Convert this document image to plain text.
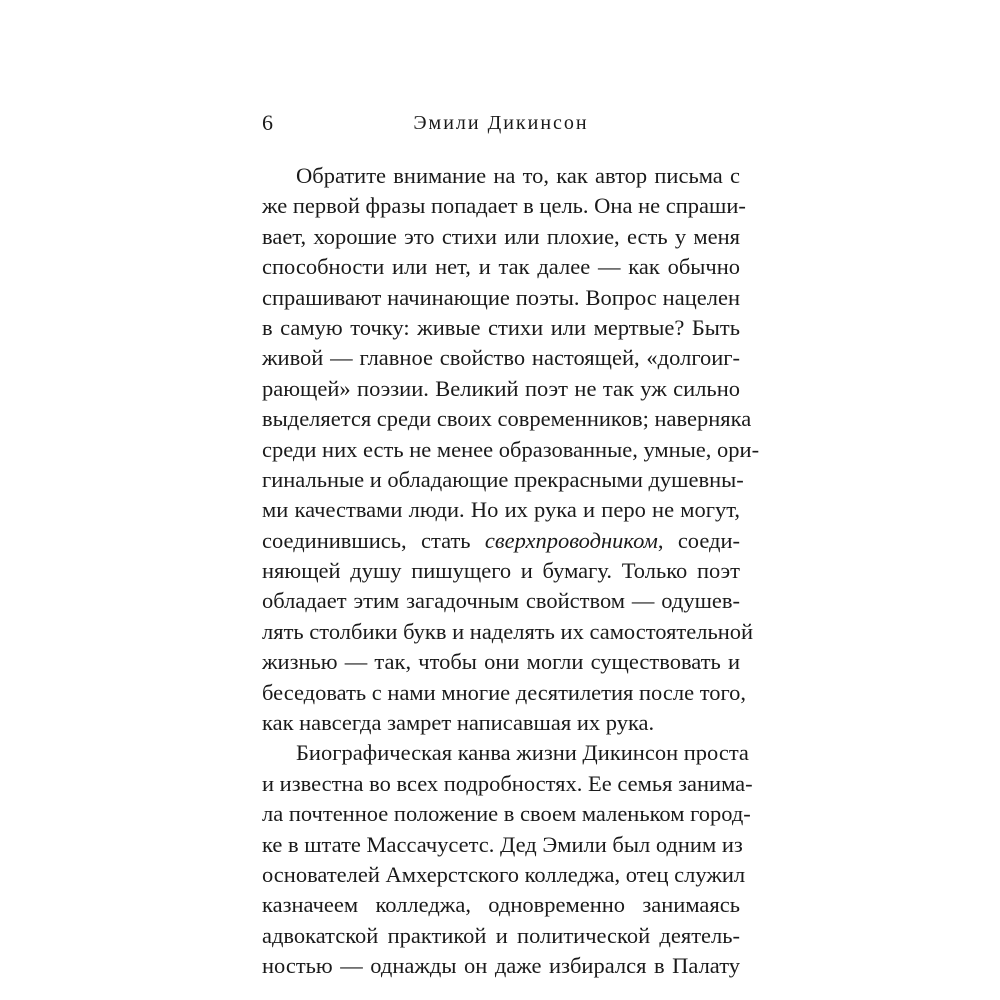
6	Эмили Дикинсон
Обратите внимание на то, как автор письма с
же первой фразы попадает в цель. Она не спраши-
вает, хорошие это стихи или плохие, есть у меня
способности или нет, и так далее — как обычно
спрашивают начинающие поэты. Вопрос нацелен
в самую точку: живые стихи или мертвые? Быть
живой — главное свойство настоящей, «долгоиг-
рающей» поэзии. Великий поэт не так уж сильно
выделяется среди своих современников; наверняка
среди них есть не менее образованные, умные, ори-
гинальные и обладающие прекрасными душевны-
ми качествами люди. Но их рука и перо не могут,
соединившись, стать сверхпроводником, соеди-
няющей душу пишущего и бумагу. Только поэт
обладает этим загадочным свойством — одушев-
лять столбики букв и наделять их самостоятельной
жизнью — так, чтобы они могли существовать и
беседовать с нами многие десятилетия после того,
как навсегда замрет написавшая их рука.
Биографическая канва жизни Дикинсон проста
и известна во всех подробностях. Ее семья занима-
ла почтенное положение в своем маленьком город-
ке в штате Массачусетс. Дед Эмили был одним из
основателей Амхерстского колледжа, отец служил
казначеем колледжа, одновременно занимаясь
адвокатской практикой и политической деятель-
ностью — однажды он даже избирался в Палату
